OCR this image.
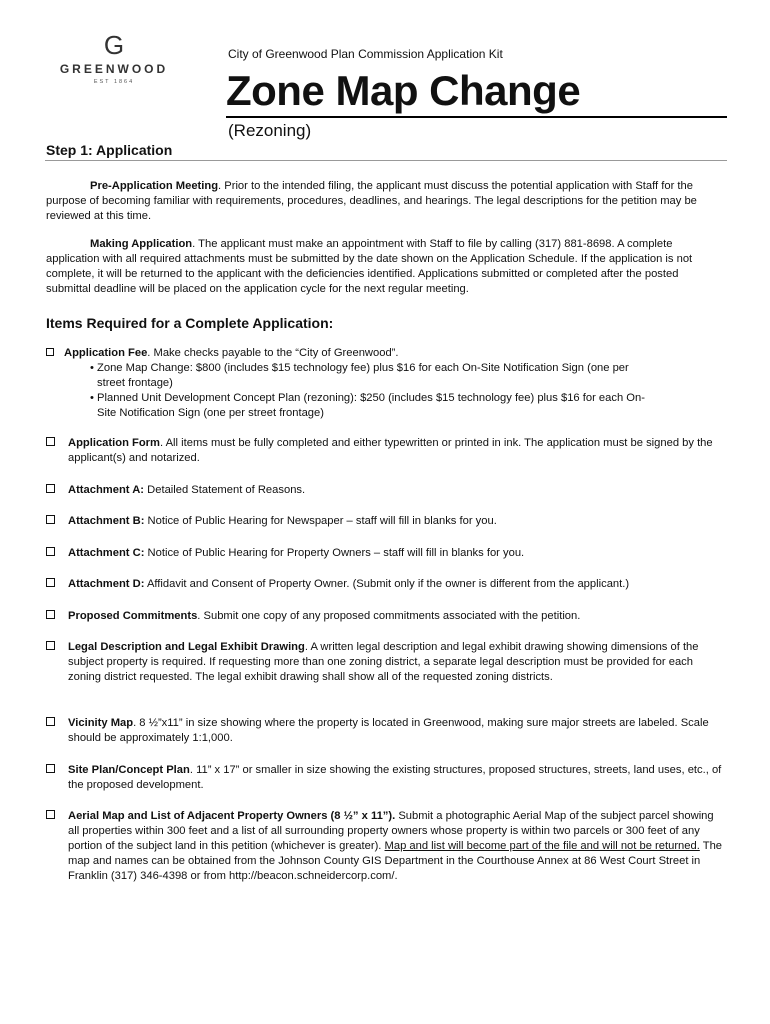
G
GREENWOOD
EST 1864
City of Greenwood Plan Commission Application Kit
Zone Map Change
(Rezoning)
Step 1: Application
Pre-Application Meeting. Prior to the intended filing, the applicant must discuss the potential application with Staff for the purpose of becoming familiar with requirements, procedures, deadlines, and hearings. The legal descriptions for the petition may be reviewed at this time.
Making Application. The applicant must make an appointment with Staff to file by calling (317) 881-8698. A complete application with all required attachments must be submitted by the date shown on the Application Schedule. If the application is not complete, it will be returned to the applicant with the deficiencies identified. Applications submitted or completed after the posted submittal deadline will be placed on the application cycle for the next regular meeting.
Items Required for a Complete Application:
Application Fee. Make checks payable to the “City of Greenwood”.
• Zone Map Change: $800 (includes $15 technology fee) plus $16 for each On-Site Notification Sign (one per
street frontage)
• Planned Unit Development Concept Plan (rezoning): $250 (includes $15 technology fee) plus $16 for each On-
Site Notification Sign (one per street frontage)
Application Form. All items must be fully completed and either typewritten or printed in ink. The application must be signed by the applicant(s) and notarized.
Attachment A: Detailed Statement of Reasons.
Attachment B: Notice of Public Hearing for Newspaper – staff will fill in blanks for you.
Attachment C: Notice of Public Hearing for Property Owners – staff will fill in blanks for you.
Attachment D: Affidavit and Consent of Property Owner. (Submit only if the owner is different from the applicant.)
Proposed Commitments. Submit one copy of any proposed commitments associated with the petition.
Legal Description and Legal Exhibit Drawing. A written legal description and legal exhibit drawing showing dimensions of the subject property is required. If requesting more than one zoning district, a separate legal description must be provided for each zoning district requested. The legal exhibit drawing shall show all of the requested zoning districts.
Vicinity Map. 8 ½”x11” in size showing where the property is located in Greenwood, making sure major streets are labeled. Scale should be approximately 1:1,000.
Site Plan/Concept Plan. 11” x 17” or smaller in size showing the existing structures, proposed structures, streets, land uses, etc., of the proposed development.
Aerial Map and List of Adjacent Property Owners (8 ½” x 11”). Submit a photographic Aerial Map of the subject parcel showing all properties within 300 feet and a list of all surrounding property owners whose property is within two parcels or 300 feet of any portion of the subject land in this petition (whichever is greater). Map and list will become part of the file and will not be returned. The map and names can be obtained from the Johnson County GIS Department in the Courthouse Annex at 86 West Court Street in Franklin (317) 346-4398 or from http://beacon.schneidercorp.com/.
